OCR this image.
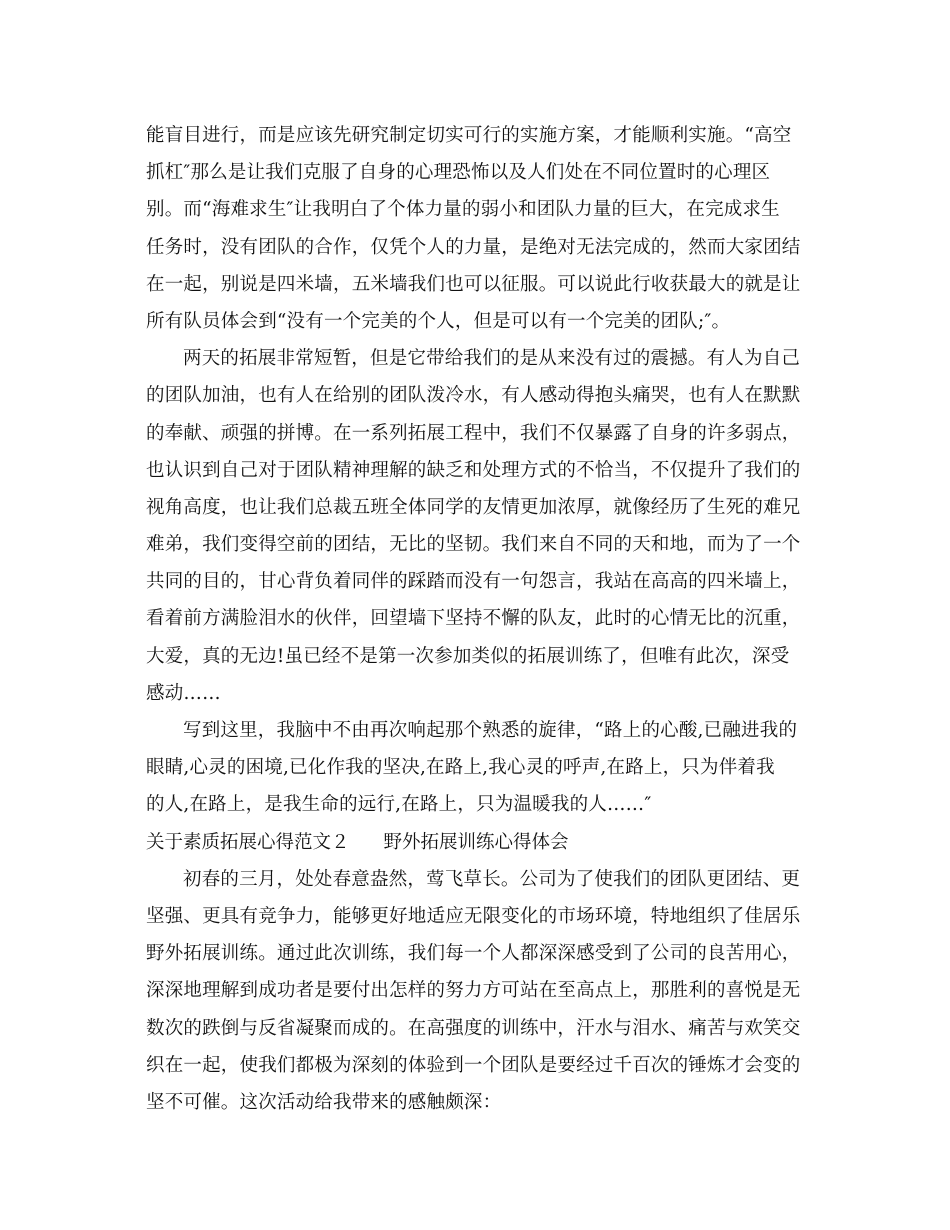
能盲目进行，而是应该先研究制定切实可行的实施方案，才能顺利实施。“高空
抓杠″那么是让我们克服了自身的心理恐怖以及人们处在不同位置时的心理区
别。而“海难求生″让我明白了个体力量的弱小和团队力量的巨大，在完成求生
任务时，没有团队的合作，仅凭个人的力量，是绝对无法完成的，然而大家团结
在一起，别说是四米墙，五米墙我们也可以征服。可以说此行收获最大的就是让
所有队员体会到“没有一个完美的个人，但是可以有一个完美的团队;″。
两天的拓展非常短暂，但是它带给我们的是从来没有过的震撼。有人为自己
的团队加油，也有人在给别的团队泼冷水，有人感动得抱头痛哭，也有人在默默
的奉献、顽强的拼博。在一系列拓展工程中，我们不仅暴露了自身的许多弱点，
也认识到自己对于团队精神理解的缺乏和处理方式的不恰当，不仅提升了我们的
视角高度，也让我们总裁五班全体同学的友情更加浓厚，就像经历了生死的难兄
难弟，我们变得空前的团结，无比的坚韧。我们来自不同的天和地，而为了一个
共同的目的，甘心背负着同伴的踩踏而没有一句怨言，我站在高高的四米墙上，
看着前方满脸泪水的伙伴，回望墙下坚持不懈的队友，此时的心情无比的沉重，
大爱，真的无边!虽已经不是第一次参加类似的拓展训练了，但唯有此次，深受
感动……
写到这里，我脑中不由再次响起那个熟悉的旋律，“路上的心酸,已融进我的
眼睛,心灵的困境,已化作我的坚决,在路上,我心灵的呼声,在路上，只为伴着我
的人,在路上，是我生命的远行,在路上，只为温暖我的人……″
关于素质拓展心得范文２ 野外拓展训练心得体会
初春的三月，处处春意盎然，莺飞草长。公司为了使我们的团队更团结、更
坚强、更具有竞争力，能够更好地适应无限变化的市场环境，特地组织了佳居乐
野外拓展训练。通过此次训练，我们每一个人都深深感受到了公司的良苦用心，
深深地理解到成功者是要付出怎样的努力方可站在至高点上，那胜利的喜悦是无
数次的跌倒与反省凝聚而成的。在高强度的训练中，汗水与泪水、痛苦与欢笑交
织在一起，使我们都极为深刻的体验到一个团队是要经过千百次的锤炼才会变的
坚不可催。这次活动给我带来的感触颇深：
